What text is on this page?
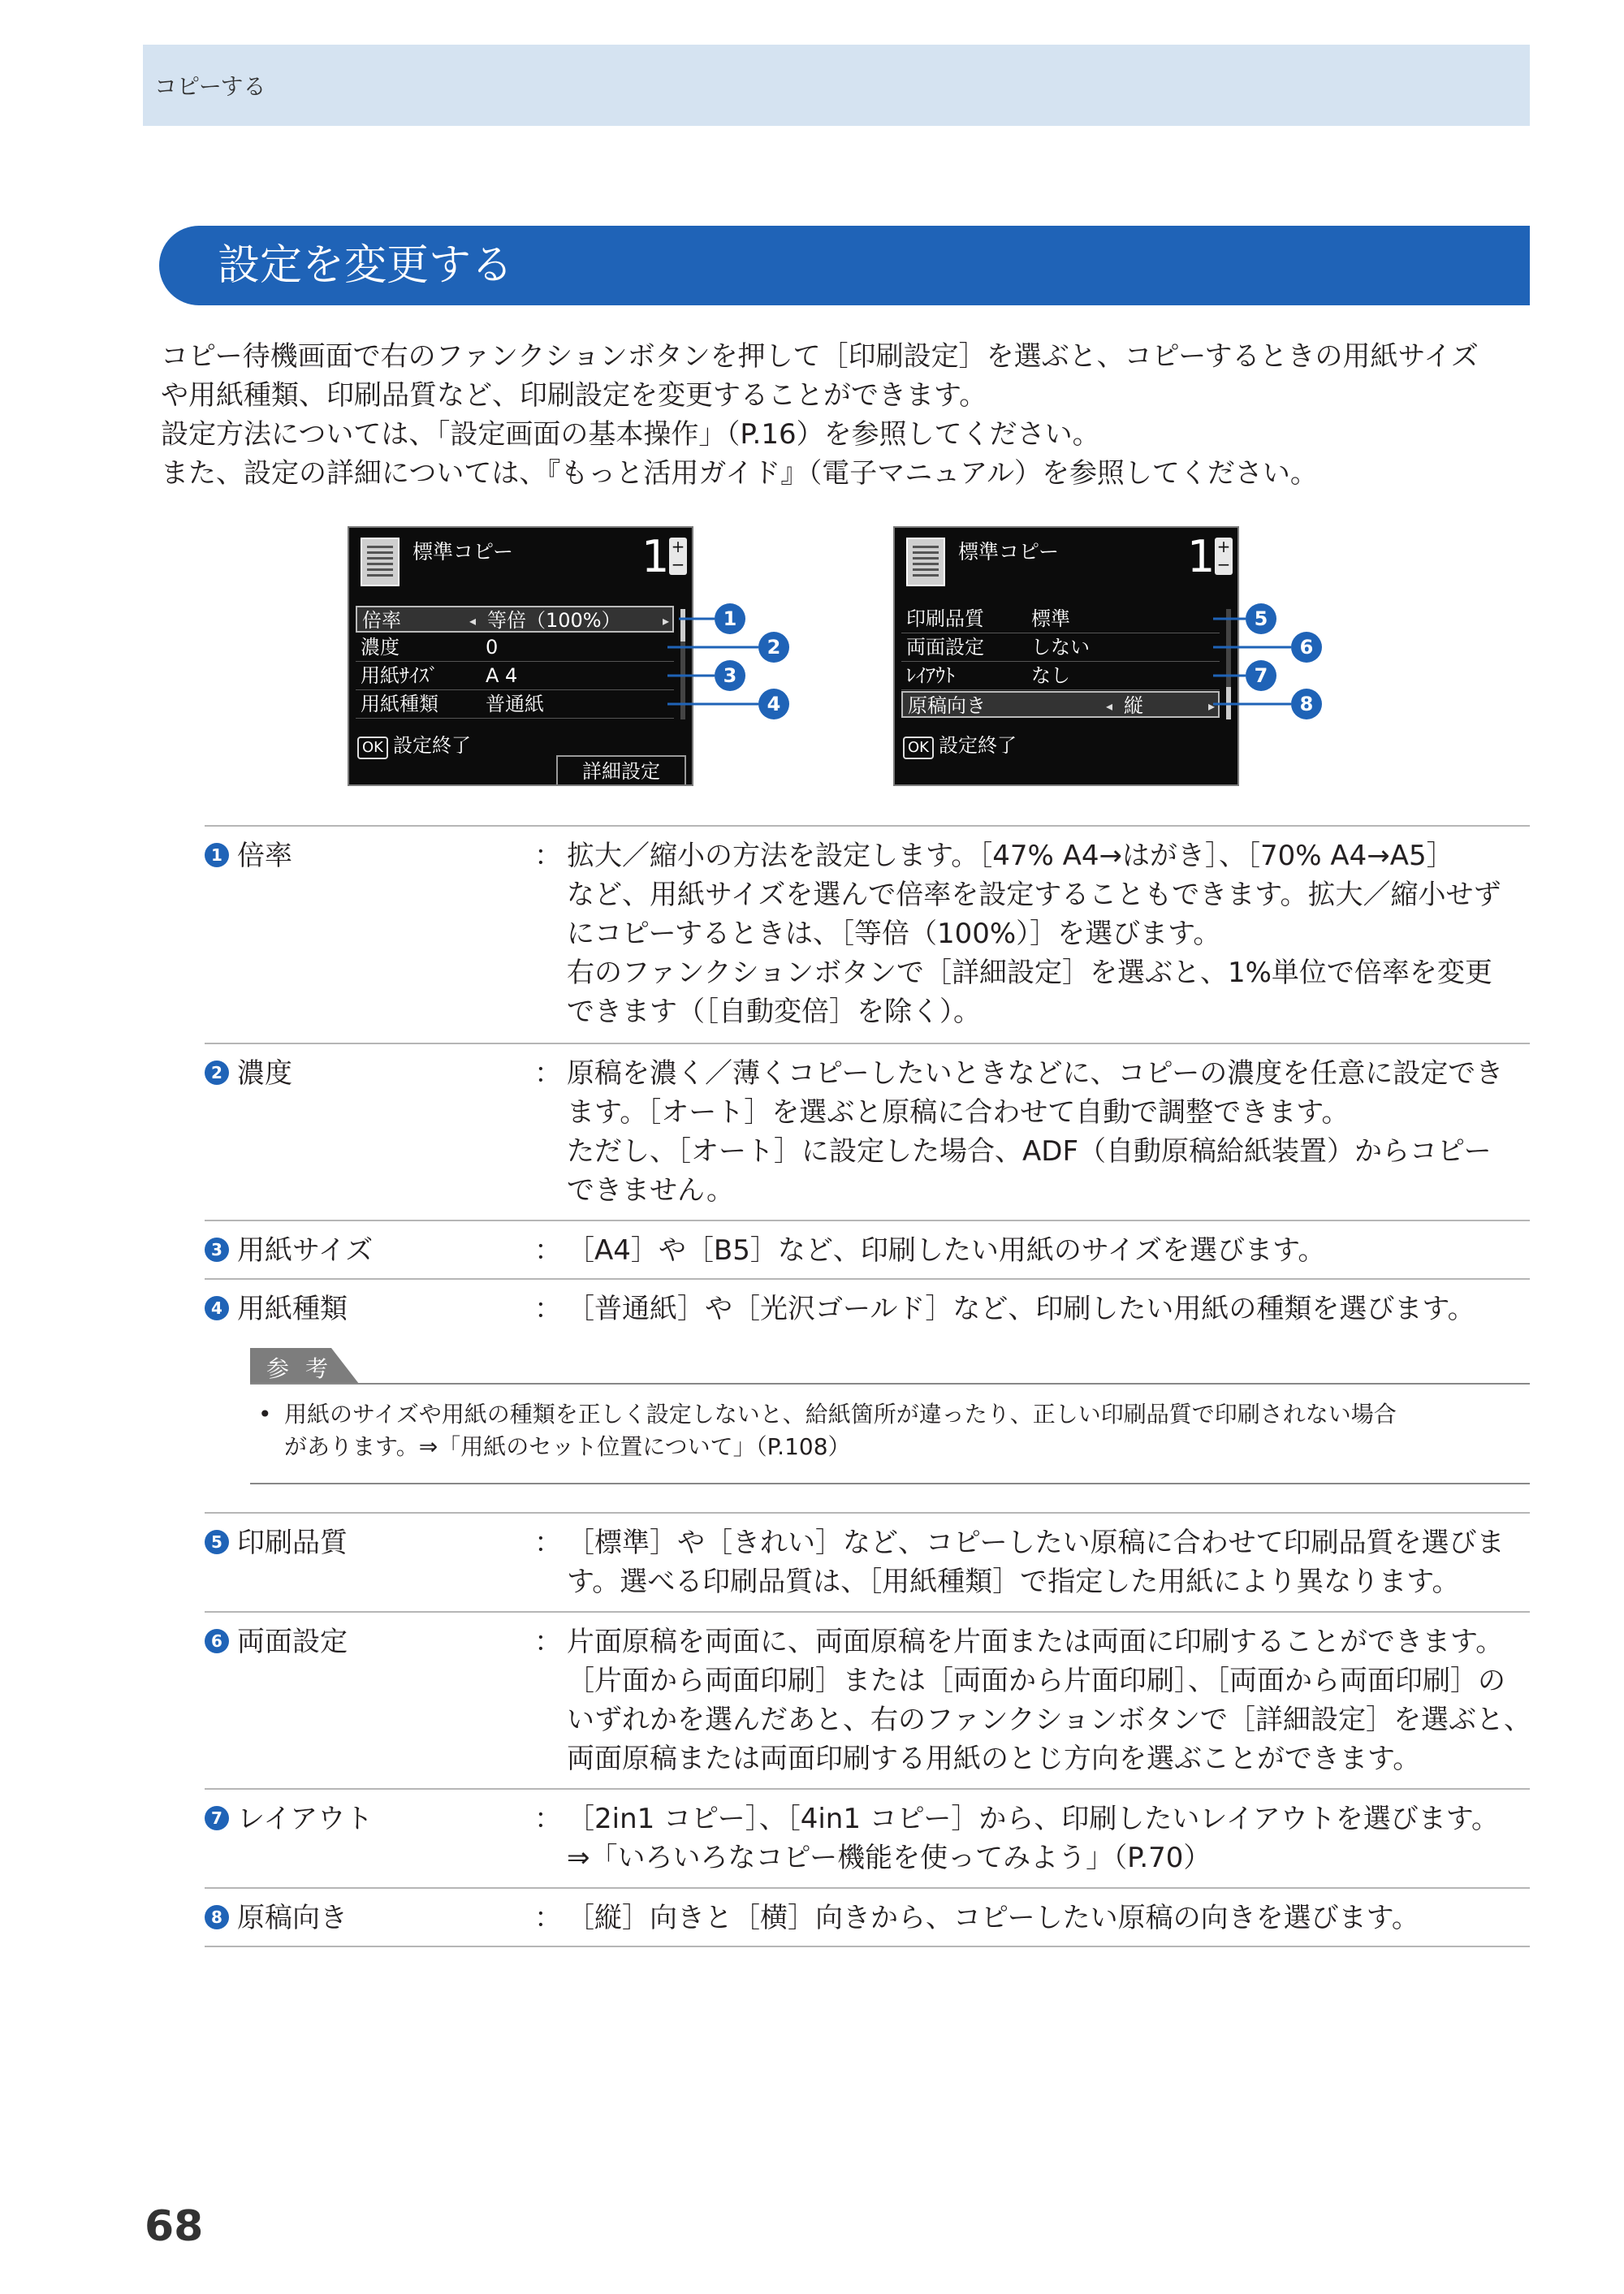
コピーする
設定を変更する

コピー待機画面で右のファンクションボタンを押して［印刷設定］を選ぶと、コピーするときの用紙サイズ

や用紙種類、印刷品質など、印刷設定を変更することができます。

設定方法については、「設定画面の基本操作」（P.16）を参照してください。

また、設定の詳細については、『もっと活用ガイド』（電子マニュアル）を参照してください。

標準コピー	1 +
−
倍率	◂ 等倍（100%）	▸
濃度	0
用紙ｻｲｽﾞ A 4
用紙種類 普通紙
OK 設定終了
詳細設定
標準コピー	1 +
−
印刷品質 標準
両面設定 しない
ﾚｲｱｳﾄ	なし
原稿向き	◂ 縦	▸
OK 設定終了
1
2
3
4
5
6
7
8
1 倍率	： 拡大／縮小の方法を設定します。［47% A4→はがき］、［70% A4→A5］

など、用紙サイズを選んで倍率を設定することもできます。拡大／縮小せず

にコピーするときは、［等倍（100%）］を選びます。

右のファンクションボタンで［詳細設定］を選ぶと、1%単位で倍率を変更

できます（［自動変倍］を除く）。

2 濃度	： 原稿を濃く／薄くコピーしたいときなどに、コピーの濃度を任意に設定でき

ます。［オート］を選ぶと原稿に合わせて自動で調整できます。

ただし、［オート］に設定した場合、ADF（自動原稿給紙装置）からコピー

できません。

3 用紙サイズ	： ［A4］や［B5］など、印刷したい用紙のサイズを選びます。

4 用紙種類	： ［普通紙］や［光沢ゴールド］など、印刷したい用紙の種類を選びます。

参考
• 用紙のサイズや用紙の種類を正しく設定しないと、給紙箇所が違ったり、正しい印刷品質で印刷されない場合
があります。⇒「用紙のセット位置について」（P.108）
5 印刷品質	： ［標準］や［きれい］など、コピーしたい原稿に合わせて印刷品質を選びま

す。選べる印刷品質は、［用紙種類］で指定した用紙により異なります。

6 両面設定	： 片面原稿を両面に、両面原稿を片面または両面に印刷することができます。

［片面から両面印刷］または［両面から片面印刷］、［両面から両面印刷］の

いずれかを選んだあと、右のファンクションボタンで［詳細設定］を選ぶと、

両面原稿または両面印刷する用紙のとじ方向を選ぶことができます。

7 レイアウト	： ［2in1 コピー］、［4in1 コピー］から、印刷したいレイアウトを選びます。

⇒「いろいろなコピー機能を使ってみよう」（P.70）

8 原稿向き	： ［縦］向きと［横］向きから、コピーしたい原稿の向きを選びます。

68
